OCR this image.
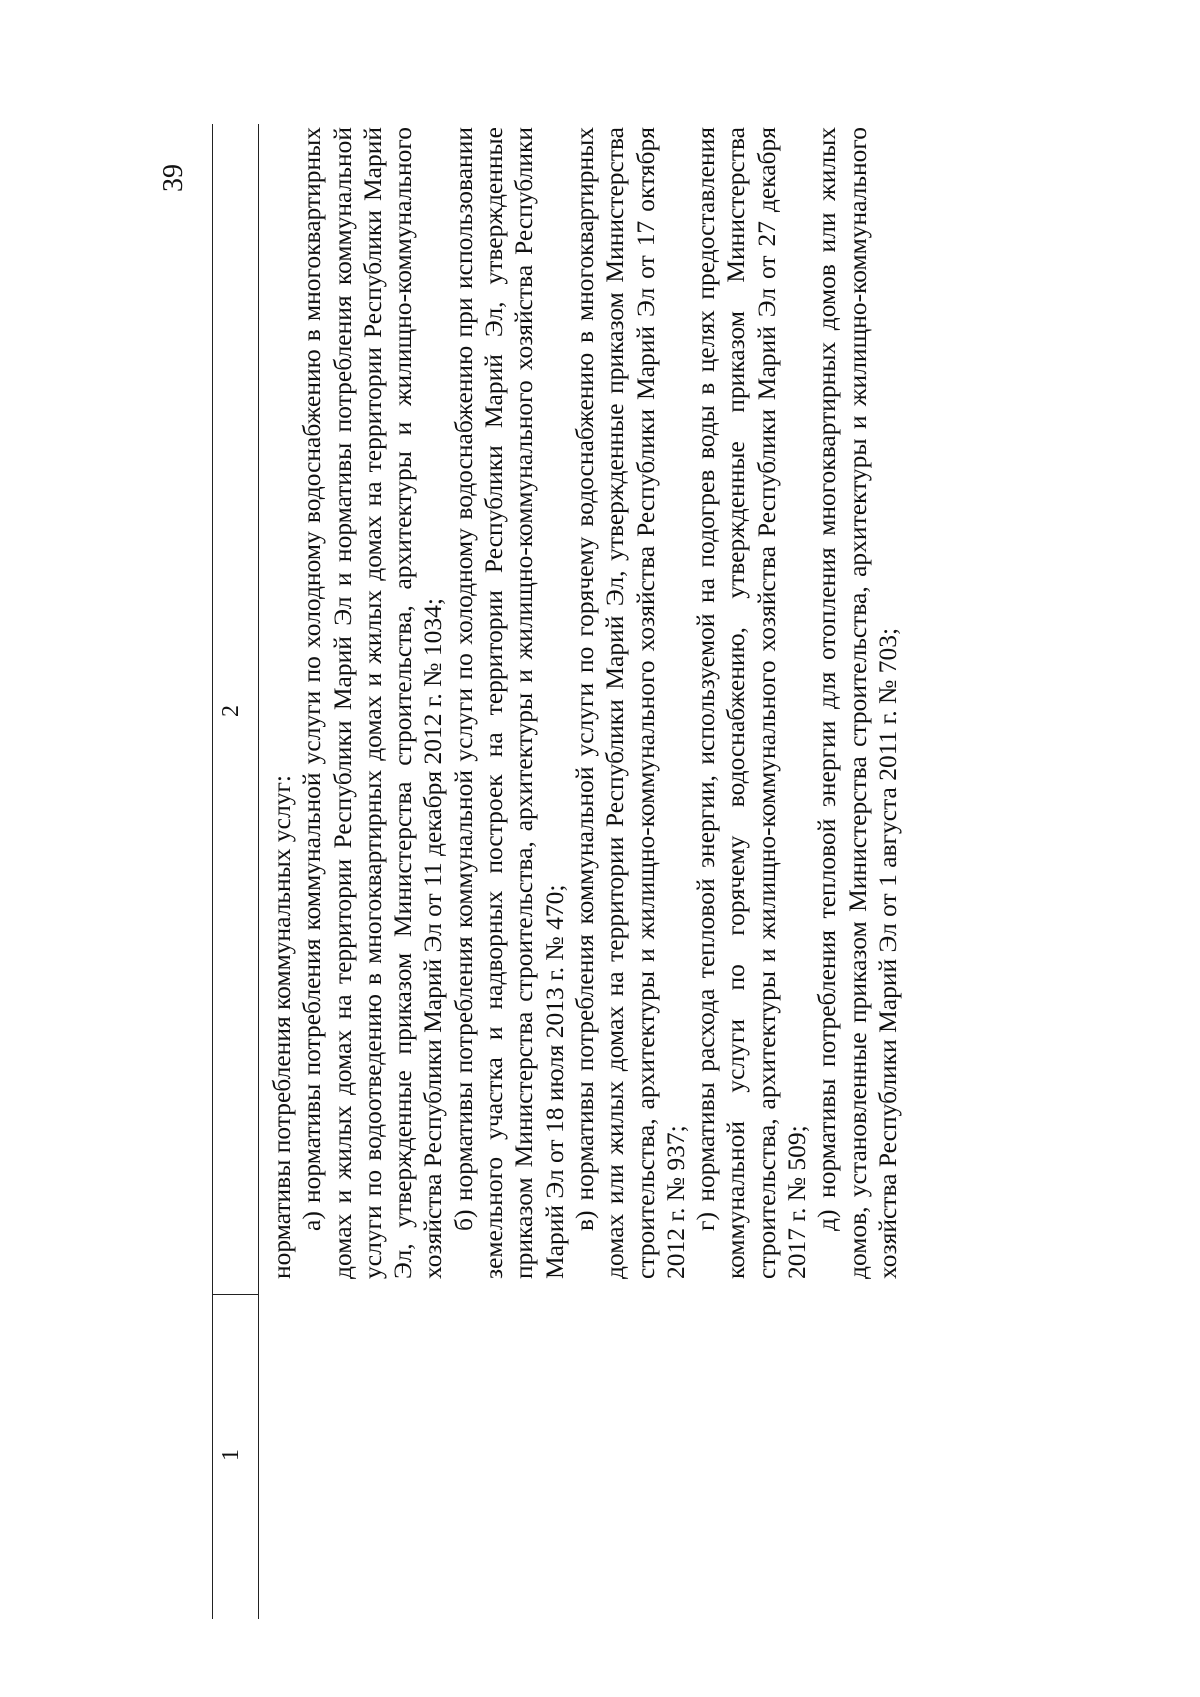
39
1
2

нормативы потребления коммунальных услуг: а) нормативы потребления коммунальной услуги по холодному водоснабжению в многоквартирных домах и жилых домах на территории Республики Марий Эл и нормативы потребления коммунальной услуги по водоотведению в многоквартирных домах и жилых домах на территории Республики Марий Эл, утвержденные приказом Министерства строительства, архитектуры и жилищно-коммунального хозяйства Республики Марий Эл от 11 декабря 2012 г. № 1034; б) нормативы потребления коммунальной услуги по холодному водоснабжению при использовании земельного участка и надворных построек на территории Республики Марий Эл, утвержденные приказом Министерства строительства, архитектуры и жилищно-коммунального хозяйства Республики Марий Эл от 18 июля 2013 г. № 470; в) нормативы потребления коммунальной услуги по горячему водоснабжению в многоквартирных домах или жилых домах на территории Республики Марий Эл, утвержденные приказом Министерства строительства, архитектуры и жилищно-коммунального хозяйства Республики Марий Эл от 17 октября 2012 г. № 937; г) нормативы расхода тепловой энергии, используемой на подогрев воды в целях предоставления коммунальной услуги по горячему водоснабжению, утвержденные приказом Министерства строительства, архитектуры и жилищно-коммунального хозяйства Республики Марий Эл от 27 декабря 2017 г. № 509; д) нормативы потребления тепловой энергии для отопления многоквартирных домов или жилых домов, установленные приказом Министерства строительства, архитектуры и жилищно-коммунального хозяйства Республики Марий Эл от 1 августа 2011 г. № 703;
